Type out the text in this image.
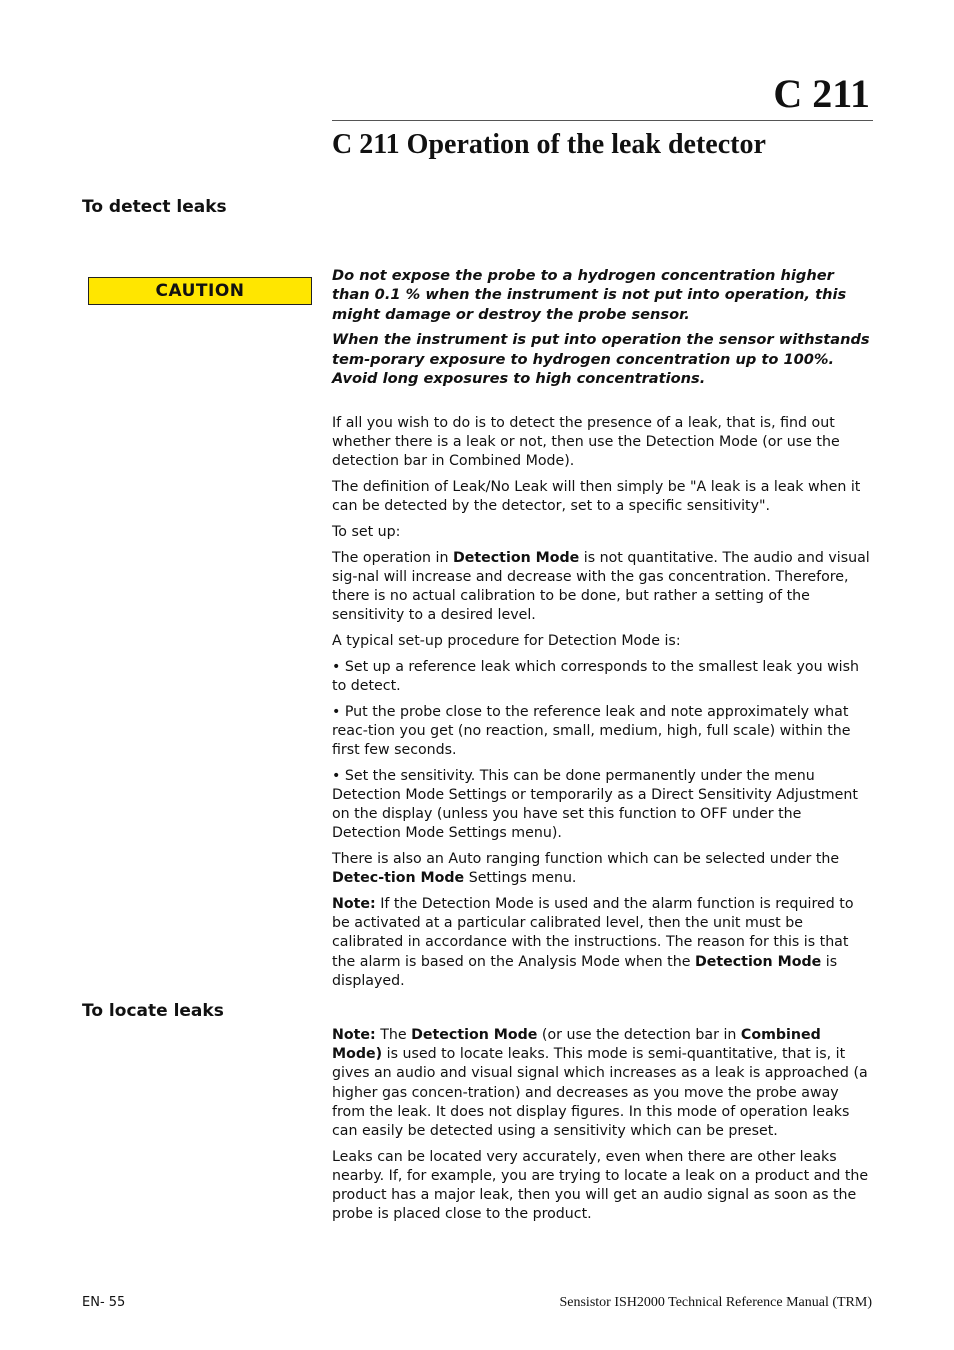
C 211
C 211 Operation of the leak detector
To detect leaks
CAUTION

Do not expose the probe to a hydrogen concentration higher than 0.1 % when the instrument is not put into operation, this might damage or destroy the probe sensor.

When the instrument is put into operation the sensor withstands tem-porary exposure to hydrogen concentration up to 100%. Avoid long exposures to high concentrations.

If all you wish to do is to detect the presence of a leak, that is, find out whether there is a leak or not, then use the Detection Mode (or use the detection bar in Combined Mode).

The definition of Leak/No Leak will then simply be "A leak is a leak when it can be detected by the detector, set to a specific sensitivity".

To set up:

The operation in Detection Mode is not quantitative. The audio and visual sig-nal will increase and decrease with the gas concentration. Therefore, there is no actual calibration to be done, but rather a setting of the sensitivity to a desired level.

A typical set-up procedure for Detection Mode is:

• Set up a reference leak which corresponds to the smallest leak you wish to detect.

• Put the probe close to the reference leak and note approximately what reac-tion you get (no reaction, small, medium, high, full scale) within the first few seconds.

• Set the sensitivity. This can be done permanently under the menu Detection Mode Settings or temporarily as a Direct Sensitivity Adjustment on the display (unless you have set this function to OFF under the Detection Mode Settings menu).

There is also an Auto ranging function which can be selected under the Detec-tion Mode Settings menu.

Note: If the Detection Mode is used and the alarm function is required to be activated at a particular calibrated level, then the unit must be calibrated in accordance with the instructions. The reason for this is that the alarm is based on the Analysis Mode when the Detection Mode is displayed.

To locate leaks

Note: The Detection Mode (or use the detection bar in Combined Mode) is used to locate leaks. This mode is semi-quantitative, that is, it gives an audio and visual signal which increases as a leak is approached (a higher gas concen-tration) and decreases as you move the probe away from the leak. It does not display figures. In this mode of operation leaks can easily be detected using a sensitivity which can be preset.

Leaks can be located very accurately, even when there are other leaks nearby. If, for example, you are trying to locate a leak on a product and the product has a major leak, then you will get an audio signal as soon as the probe is placed close to the product.

EN- 55	Sensistor ISH2000 Technical Reference Manual (TRM)
